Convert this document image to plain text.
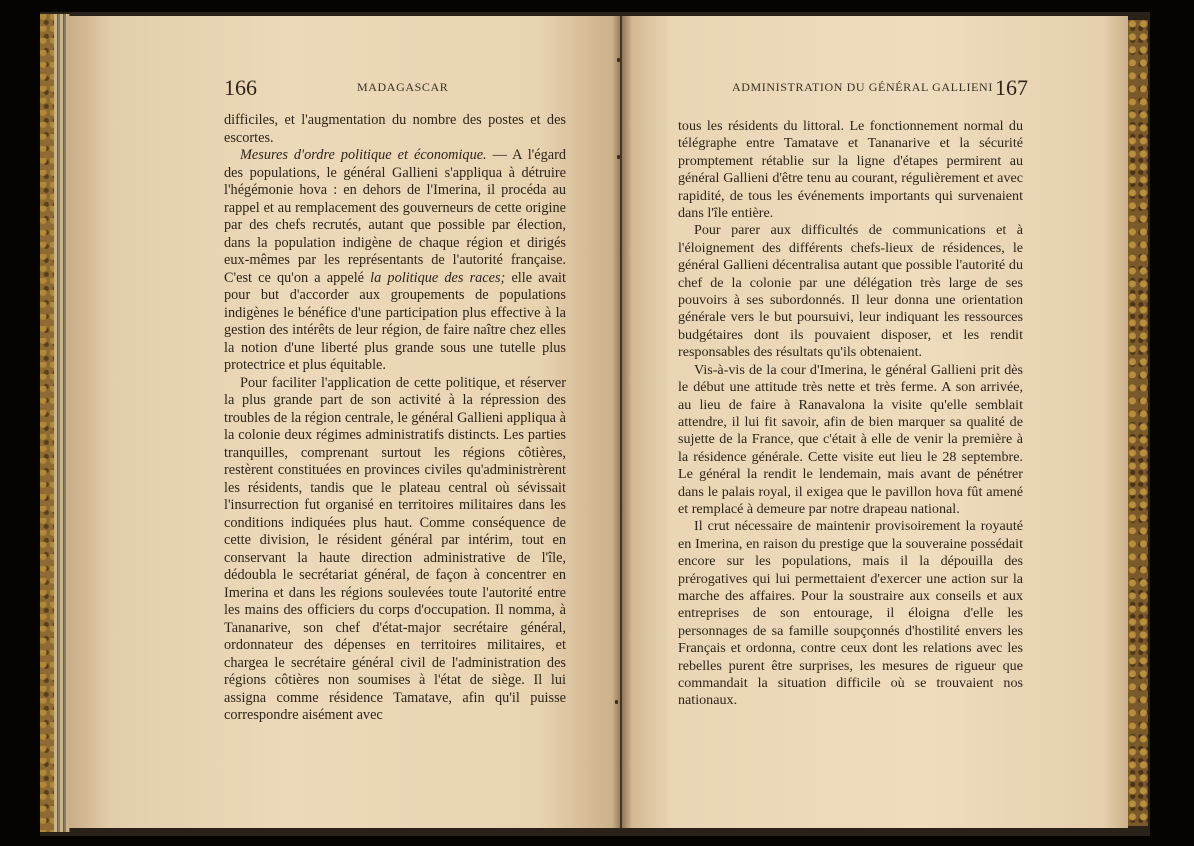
166	MADAGASCAR

difficiles, et l'augmentation du nombre des postes et des escortes.

Mesures d'ordre politique et économique. — A l'égard des populations, le général Gallieni s'appliqua à détruire l'hégémonie hova : en dehors de l'Imerina, il procéda au rappel et au remplacement des gouverneurs de cette origine par des chefs recrutés, autant que possible par élection, dans la population indigène de chaque région et dirigés eux-mêmes par les représentants de l'autorité française. C'est ce qu'on a appelé la politique des races; elle avait pour but d'accorder aux groupements de populations indigènes le bénéfice d'une participation plus effective à la gestion des intérêts de leur région, de faire naître chez elles la notion d'une liberté plus grande sous une tutelle plus protectrice et plus équitable.

Pour faciliter l'application de cette politique, et réserver la plus grande part de son activité à la répression des troubles de la région centrale, le général Gallieni appliqua à la colonie deux régimes administratifs distincts. Les parties tranquilles, comprenant surtout les régions côtières, restèrent constituées en provinces civiles qu'administrèrent les résidents, tandis que le plateau central où sévissait l'insurrection fut organisé en territoires militaires dans les conditions indiquées plus haut. Comme conséquence de cette division, le résident général par intérim, tout en conservant la haute direction administrative de l'île, dédoubla le secrétariat général, de façon à concentrer en Imerina et dans les régions soulevées toute l'autorité entre les mains des officiers du corps d'occupation. Il nomma, à Tananarive, son chef d'état-major secrétaire général, ordonnateur des dépenses en territoires militaires, et chargea le secrétaire général civil de l'administration des régions côtières non soumises à l'état de siège. Il lui assigna comme résidence Tamatave, afin qu'il puisse correspondre aisément avec

ADMINISTRATION DU GÉNÉRAL GALLIENI 167

tous les résidents du littoral. Le fonctionnement normal du télégraphe entre Tamatave et Tananarive et la sécurité promptement rétablie sur la ligne d'étapes permirent au général Gallieni d'être tenu au courant, régulièrement et avec rapidité, de tous les événements importants qui survenaient dans l'île entière.

Pour parer aux difficultés de communications et à l'éloignement des différents chefs-lieux de résidences, le général Gallieni décentralisa autant que possible l'autorité du chef de la colonie par une délégation très large de ses pouvoirs à ses subordonnés. Il leur donna une orientation générale vers le but poursuivi, leur indiquant les ressources budgétaires dont ils pouvaient disposer, et les rendit responsables des résultats qu'ils obtenaient.

Vis-à-vis de la cour d'Imerina, le général Gallieni prit dès le début une attitude très nette et très ferme. A son arrivée, au lieu de faire à Ranavalona la visite qu'elle semblait attendre, il lui fit savoir, afin de bien marquer sa qualité de sujette de la France, que c'était à elle de venir la première à la résidence générale. Cette visite eut lieu le 28 septembre. Le général la rendit le lendemain, mais avant de pénétrer dans le palais royal, il exigea que le pavillon hova fût amené et remplacé à demeure par notre drapeau national.

Il crut nécessaire de maintenir provisoirement la royauté en Imerina, en raison du prestige que la souveraine possédait encore sur les populations, mais il la dépouilla des prérogatives qui lui permettaient d'exercer une action sur la marche des affaires. Pour la soustraire aux conseils et aux entreprises de son entourage, il éloigna d'elle les personnages de sa famille soupçonnés d'hostilité envers les Français et ordonna, contre ceux dont les relations avec les rebelles purent être surprises, les mesures de rigueur que commandait la situation difficile où se trouvaient nos nationaux.
